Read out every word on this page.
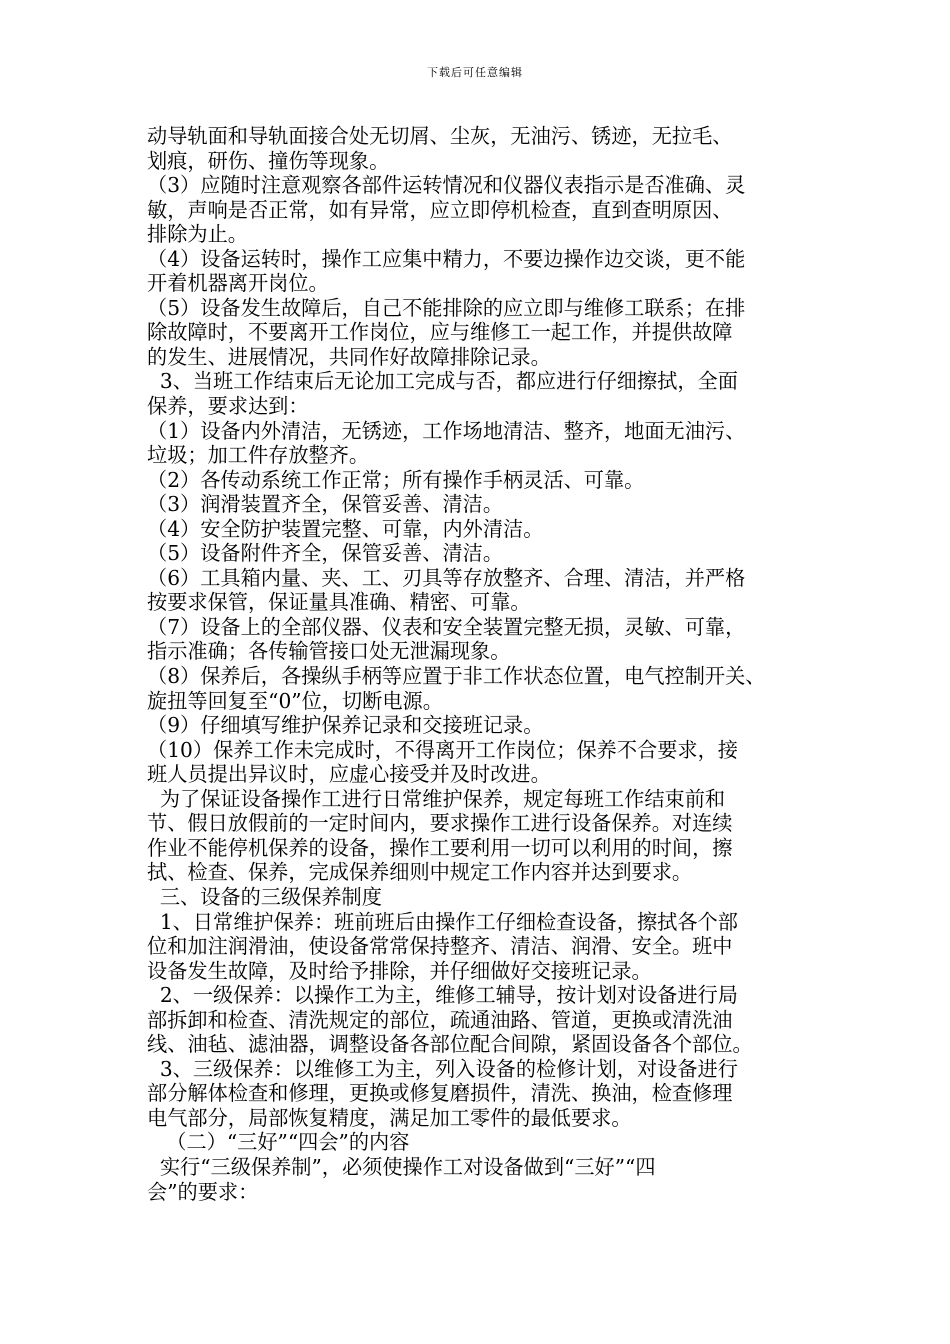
下载后可任意编辑

动导轨面和导轨面接合处无切屑、尘灰，无油污、锈迹，无拉毛、

划痕，研伤、撞伤等现象。

（3）应随时注意观察各部件运转情况和仪器仪表指示是否准确、灵

敏，声响是否正常，如有异常，应立即停机检查，直到查明原因、

排除为止。

（4）设备运转时，操作工应集中精力，不要边操作边交谈，更不能

开着机器离开岗位。

（5）设备发生故障后，自己不能排除的应立即与维修工联系；在排

除故障时，不要离开工作岗位，应与维修工一起工作，并提供故障

的发生、进展情况，共同作好故障排除记录。

3、当班工作结束后无论加工完成与否，都应进行仔细擦拭，全面

保养，要求达到：

（1）设备内外清洁，无锈迹，工作场地清洁、整齐，地面无油污、

垃圾；加工件存放整齐。

（2）各传动系统工作正常；所有操作手柄灵活、可靠。

（3）润滑装置齐全，保管妥善、清洁。

（4）安全防护装置完整、可靠，内外清洁。

（5）设备附件齐全，保管妥善、清洁。

（6）工具箱内量、夹、工、刃具等存放整齐、合理、清洁，并严格

按要求保管，保证量具准确、精密、可靠。

（7）设备上的全部仪器、仪表和安全装置完整无损，灵敏、可靠，

指示准确；各传输管接口处无泄漏现象。

（8）保养后，各操纵手柄等应置于非工作状态位置，电气控制开关、

旋扭等回复至“0”位，切断电源。

（9）仔细填写维护保养记录和交接班记录。

（10）保养工作未完成时，不得离开工作岗位；保养不合要求，接

班人员提出异议时，应虚心接受并及时改进。

为了保证设备操作工进行日常维护保养，规定每班工作结束前和

节、假日放假前的一定时间内，要求操作工进行设备保养。对连续

作业不能停机保养的设备，操作工要利用一切可以利用的时间，擦

拭、检查、保养，完成保养细则中规定工作内容并达到要求。

三、设备的三级保养制度

1、日常维护保养：班前班后由操作工仔细检查设备，擦拭各个部

位和加注润滑油，使设备常常保持整齐、清洁、润滑、安全。班中

设备发生故障，及时给予排除，并仔细做好交接班记录。

2、一级保养：以操作工为主，维修工辅导，按计划对设备进行局

部拆卸和检查、清洗规定的部位，疏通油路、管道，更换或清洗油

线、油毡、滤油器，调整设备各部位配合间隙，紧固设备各个部位。

3、三级保养：以维修工为主，列入设备的检修计划，对设备进行

部分解体检查和修理，更换或修复磨损件，清洗、换油，检查修理

电气部分，局部恢复精度，满足加工零件的最低要求。

（二）“三好”“四会”的内容

实行“三级保养制”，必须使操作工对设备做到“三好”“四

会”的要求：
